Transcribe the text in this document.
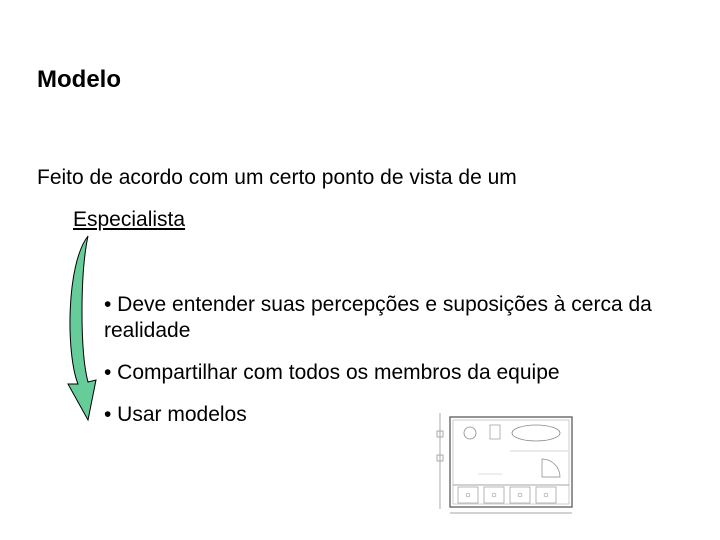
Modelo
Feito de acordo com um certo ponto de vista de um
Especialista
• Deve entender suas percepções e suposições à cerca da realidade
• Compartilhar com todos os membros da equipe
• Usar modelos
